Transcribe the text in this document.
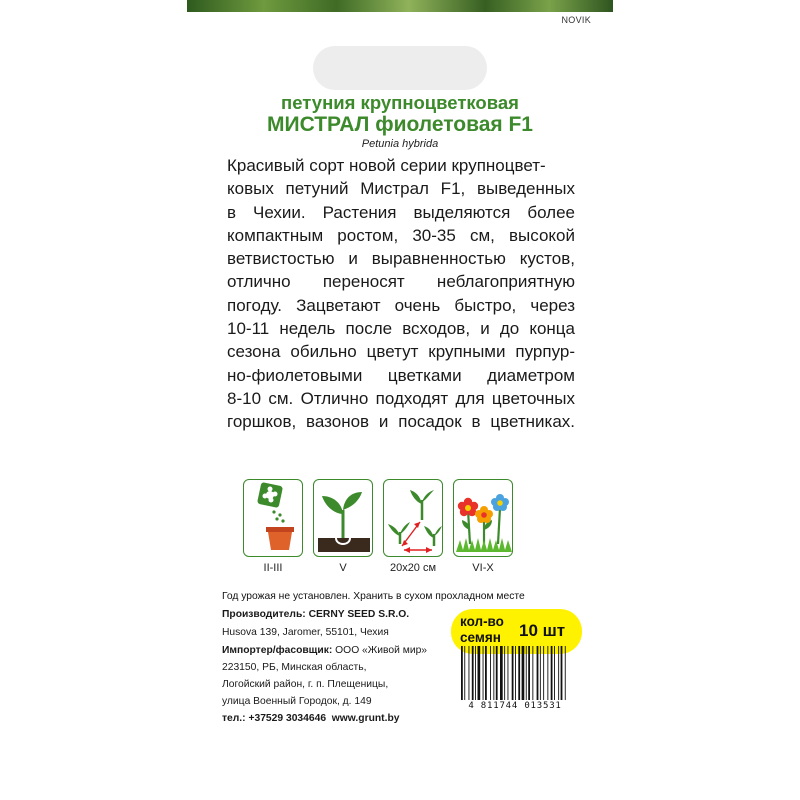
NOVIK
петуния крупноцветковая
МИСТРАЛ фиолетовая F1
Petunia hybrida
Красивый сорт новой серии крупноцвет-
ковых петуний Мистрал F1, выведенных
в Чехии. Растения выделяются более
компактным ростом, 30-35 см, высокой
ветвистостью и выравненностью кустов,
отлично переносят неблагоприятную
погоду. Зацветают очень быстро, через
10-11 недель после всходов, и до конца
сезона обильно цветут крупными пурпур-
но-фиолетовыми цветками диаметром
8-10 см. Отлично подходят для цветочных
горшков, вазонов и посадок в цветниках.
II-III	V	20x20 см	VI-X
Год урожая не установлен. Хранить в сухом прохладном месте
Производитель: CERNY SEED S.R.O.
Husova 139, Jaromer, 55101, Чехия
Импортер/фасовщик: ООО «Живой мир»
223150, РБ, Минская область,
Логойский район, г. п. Плещеницы,
улица Военный Городок, д. 149
тел.: +37529 3034646  www.grunt.by
кол-во
семян	10 шт
4 811744 013531
